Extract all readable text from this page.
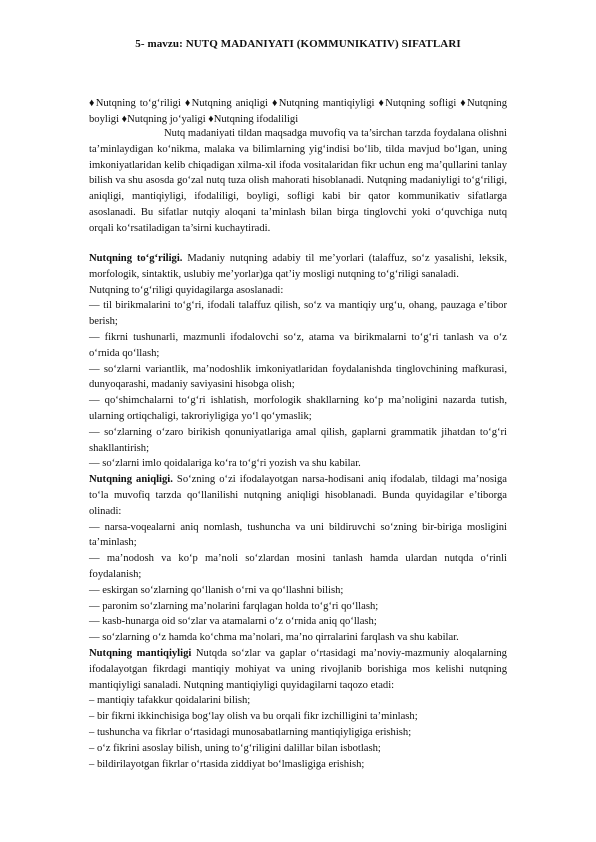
5- mavzu: NUTQ MADANIYATI (KOMMUNIKATIV) SIFATLARI

♦Nutqning to‘g‘riligi ♦Nutqning aniqligi ♦Nutqning mantiqiyligi ♦Nutqning sofligi ♦Nutqning boyligi ♦Nutqning jo‘yaligi ♦Nutqning ifodaliligi

Nutq madaniyati tildan maqsadga muvofiq va ta’sirchan tarzda foydalana olishni ta’minlaydigan ko‘nikma, malaka va bilimlarning yig‘indisi bo‘lib, tilda mavjud bo‘lgan, uning imkoniyatlaridan kelib chiqadigan xilma-xil ifoda vositalaridan fikr uchun eng ma’qullarini tanlay bilish va shu asosda go‘zal nutq tuza olish mahorati hisoblanadi. Nutqning madaniyligi to‘g‘riligi, aniqligi, mantiqiyligi, ifodaliligi, boyligi, sofligi kabi bir qator kommunikativ sifatlarga asoslanadi. Bu sifatlar nutqiy aloqani ta’minlash bilan birga tinglovchi yoki o‘quvchiga nutq orqali ko‘rsatiladigan ta’sirni kuchaytiradi.

Nutqning to‘g‘riligi. Madaniy nutqning adabiy til me’yorlari (talaffuz, so‘z yasalishi, leksik, morfologik, sintaktik, uslubiy me’yorlar)ga qat’iy mosligi nutqning to‘g‘riligi sanaladi.

Nutqning to‘g‘riligi quyidagilarga asoslanadi:

— til birikmalarini to‘g‘ri, ifodali talaffuz qilish, so‘z va mantiqiy urg‘u, ohang, pauzaga e’tibor berish;

— fikrni tushunarli, mazmunli ifodalovchi so‘z, atama va birikmalarni to‘g‘ri tanlash va o‘z o‘rnida qo‘llash;

— so‘zlarni variantlik, ma’nodoshlik imkoniyatlaridan foydalanishda tinglovchining mafkurasi, dunyoqarashi, madaniy saviyasini hisobga olish;

— qo‘shimchalarni to‘g‘ri ishlatish, morfologik shakllarning ko‘p ma’noligini nazarda tutish, ularning ortiqchaligi, takroriyligiga yo‘l qo‘ymaslik;

— so‘zlarning o‘zaro birikish qonuniyatlariga amal qilish, gaplarni grammatik jihatdan to‘g‘ri shakllantirish;

— so‘zlarni imlo qoidalariga ko‘ra to‘g‘ri yozish va shu kabilar.

Nutqning aniqligi. So‘zning o‘zi ifodalayotgan narsa-hodisani aniq ifodalab, tildagi ma’nosiga to‘la muvofiq tarzda qo‘llanilishi nutqning aniqligi hisoblanadi. Bunda quyidagilar e’tiborga olinadi:

— narsa-voqealarni aniq nomlash, tushuncha va uni bildiruvchi so‘zning bir-biriga mosligini ta’minlash;

— ma’nodosh va ko‘p ma’noli so‘zlardan mosini tanlash hamda ulardan nutqda o‘rinli foydalanish;

— eskirgan so‘zlarning qo‘llanish o‘rni va qo‘llashni bilish;

— paronim so‘zlarning ma’nolarini farqlagan holda to‘g‘ri qo‘llash;

— kasb-hunarga oid so‘zlar va atamalarni o‘z o‘rnida aniq qo‘llash;

— so‘zlarning o‘z hamda ko‘chma ma’nolari, ma’no qirralarini farqlash va shu kabilar.

Nutqning mantiqiyligi Nutqda so‘zlar va gaplar o‘rtasidagi ma’noviy-mazmuniy aloqalarning ifodalayotgan fikrdagi mantiqiy mohiyat va uning rivojlanib borishiga mos kelishi nutqning mantiqiyligi sanaladi. Nutqning mantiqiyligi quyidagilarni taqozo etadi:

– mantiqiy tafakkur qoidalarini bilish;

– bir fikrni ikkinchisiga bog‘lay olish va bu orqali fikr izchilligini ta’minlash;

– tushuncha va fikrlar o‘rtasidagi munosabatlarning mantiqiyligiga erishish;

– o‘z fikrini asoslay bilish, uning to‘g‘riligini dalillar bilan isbotlash;

– bildirilayotgan fikrlar o‘rtasida ziddiyat bo‘lmasligiga erishish;
